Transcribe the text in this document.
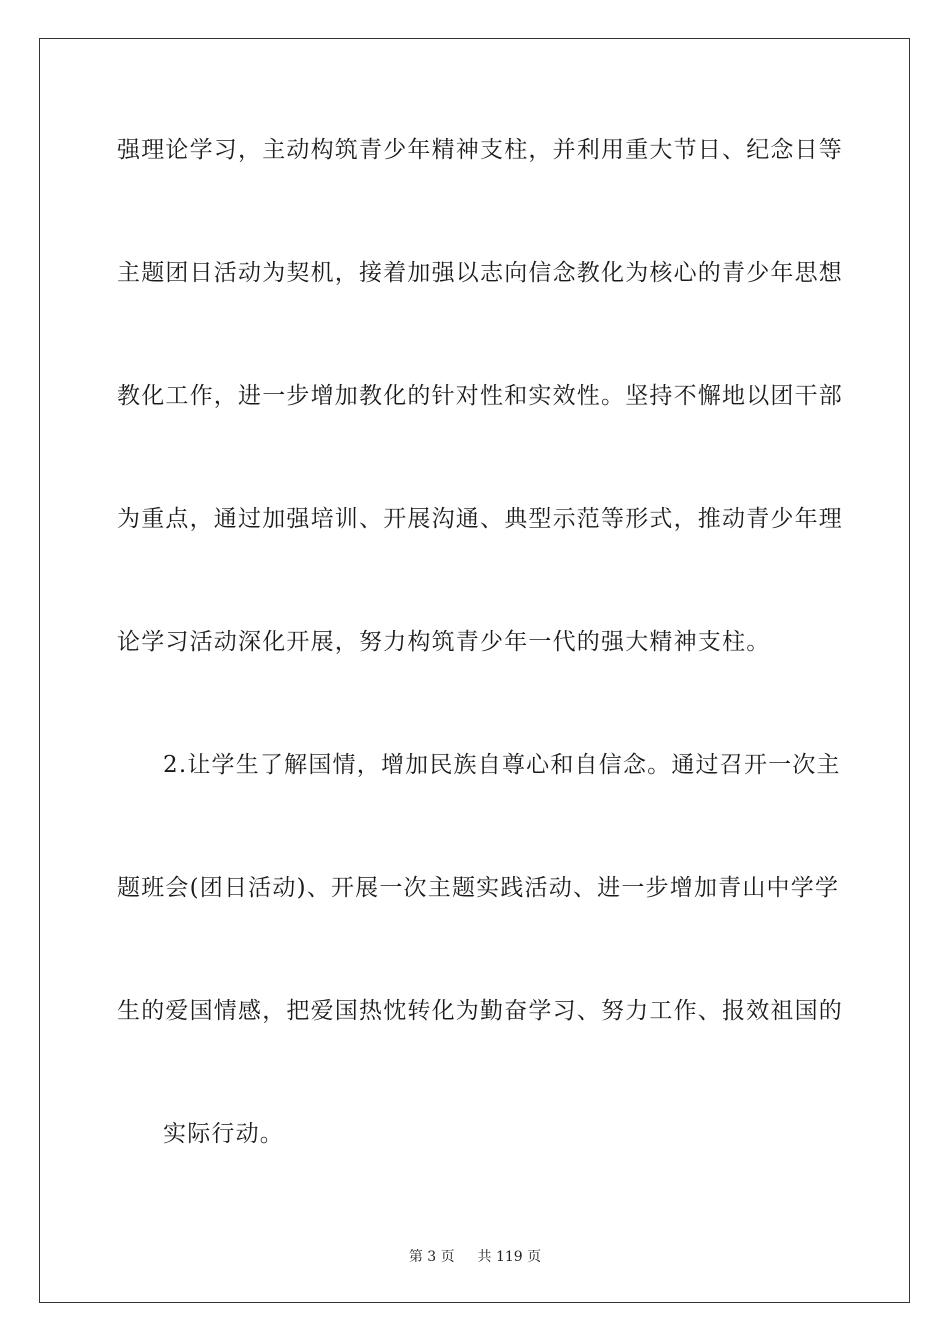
强理论学习，主动构筑青少年精神支柱，并利用重大节日、纪念日等
主题团日活动为契机，接着加强以志向信念教化为核心的青少年思想
教化工作，进一步增加教化的针对性和实效性。坚持不懈地以团干部
为重点，通过加强培训、开展沟通、典型示范等形式，推动青少年理
论学习活动深化开展，努力构筑青少年一代的强大精神支柱。
2.让学生了解国情，增加民族自尊心和自信念。通过召开一次主
题班会(团日活动)、开展一次主题实践活动、进一步增加青山中学学
生的爱国情感，把爱国热忱转化为勤奋学习、努力工作、报效祖国的
实际行动。
第 3 页 共 119 页
